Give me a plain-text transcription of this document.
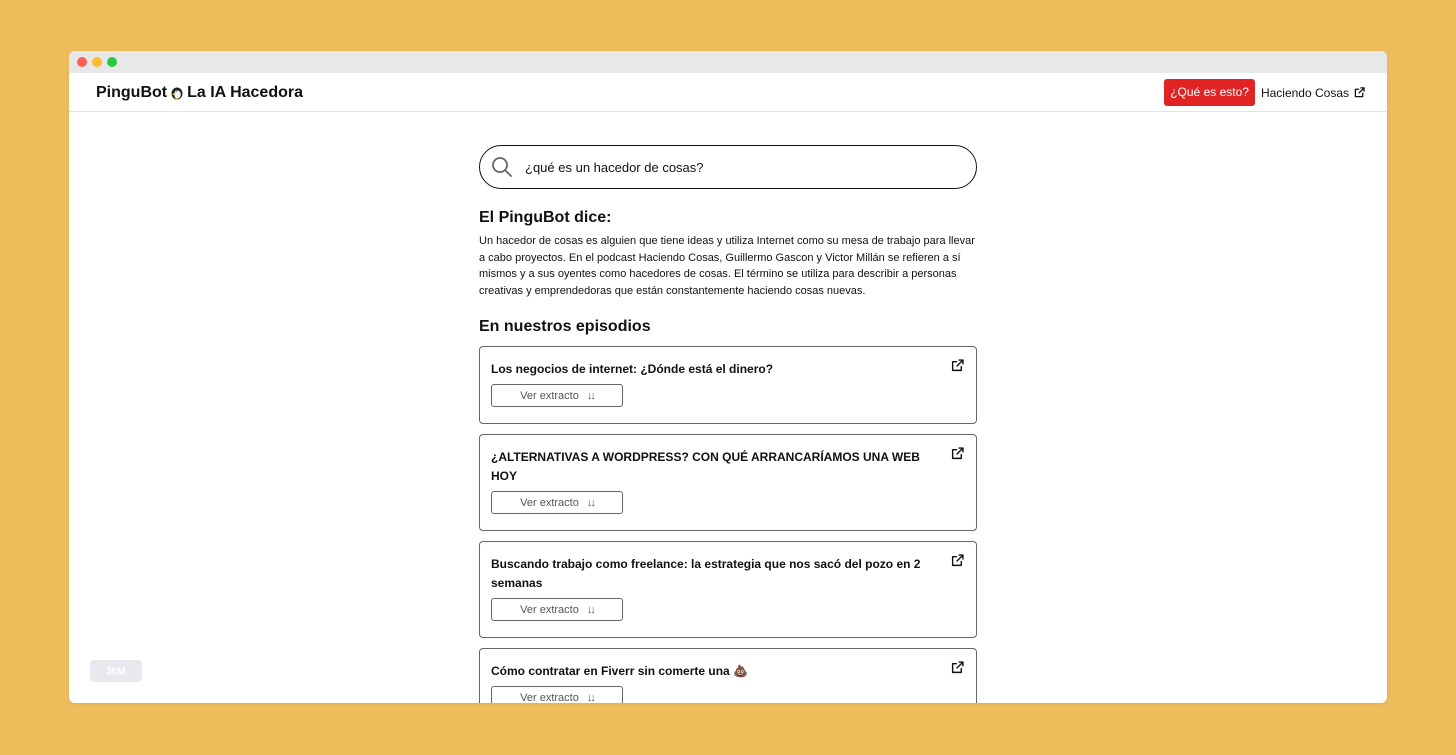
PinguBot La IA Hacedora	¿Qué es esto?	Haciendo Cosas
¿qué es un hacedor de cosas?
El PinguBot dice:
Un hacedor de cosas es alguien que tiene ideas y utiliza Internet como su mesa de trabajo para llevar a cabo proyectos. En el podcast Haciendo Cosas, Guillermo Gascon y Victor Millán se refieren a sí mismos y a sus oyentes como hacedores de cosas. El término se utiliza para describir a personas creativas y emprendedoras que están constantemente haciendo cosas nuevas.
En nuestros episodios
Los negocios de internet: ¿Dónde está el dinero?
Ver extracto ↓↓
¿ALTERNATIVAS A WORDPRESS? CON QUÉ ARRANCARÍAMOS UNA WEB HOY
Ver extracto ↓↓
Buscando trabajo como freelance: la estrategia que nos sacó del pozo en 2 semanas
Ver extracto ↓↓
Cómo contratar en Fiverr sin comerte una 💩
Ver extracto ↓↓
⌘M
